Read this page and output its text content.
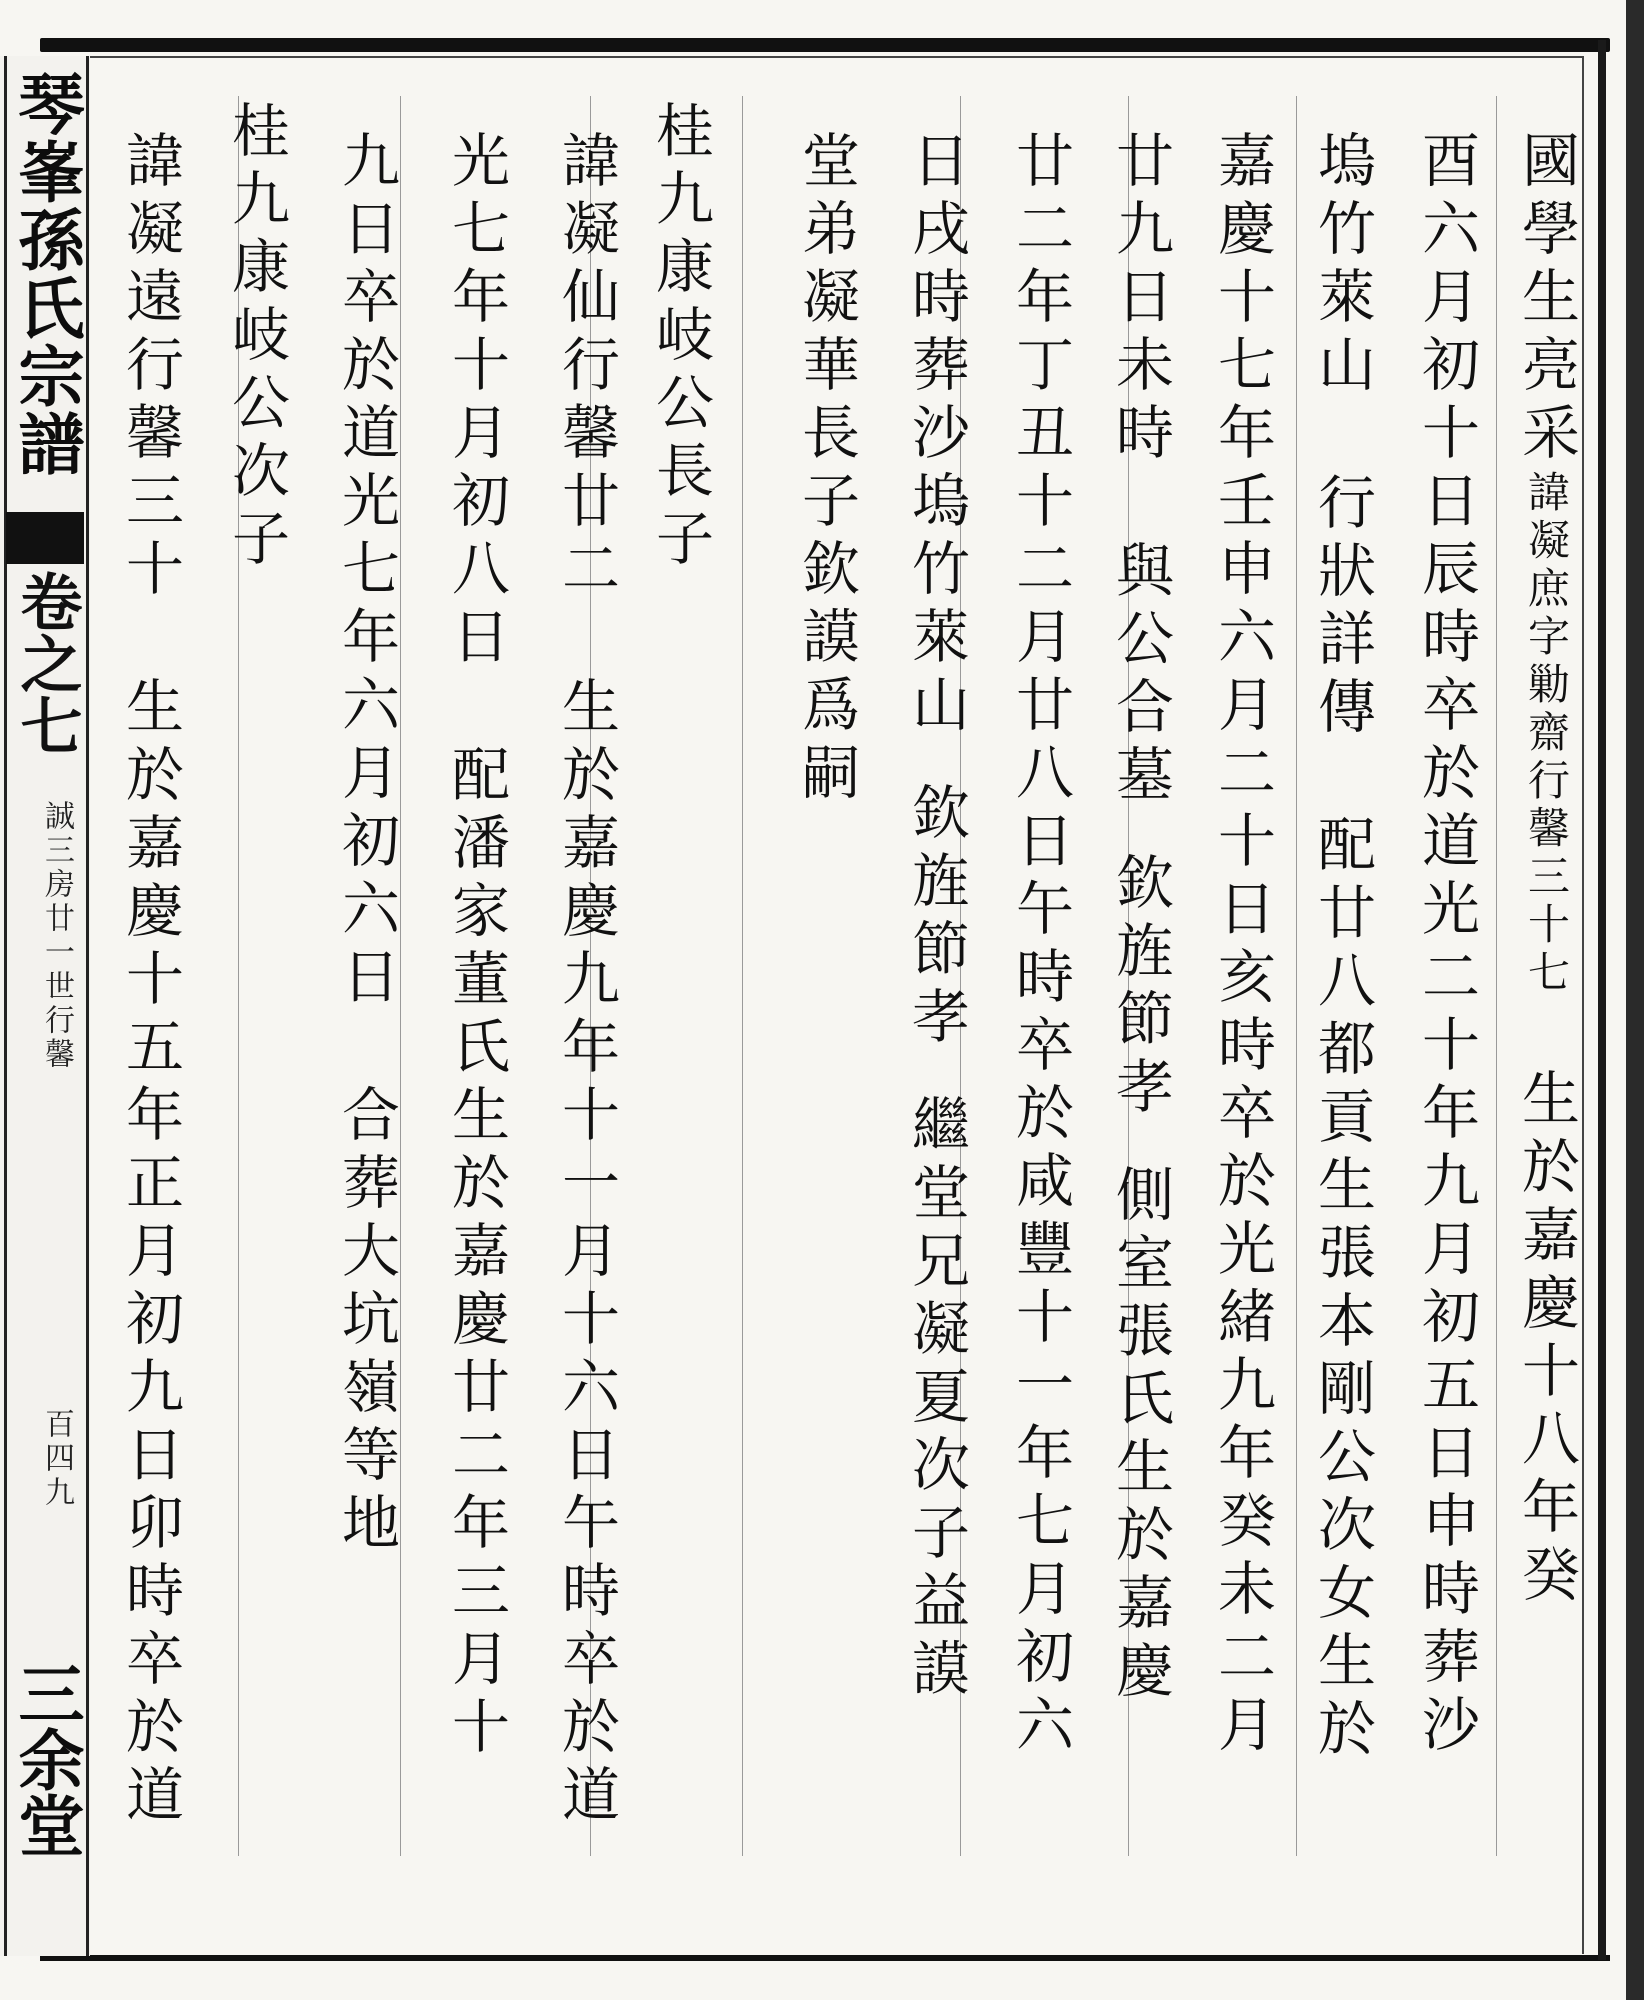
琴峯孫氏宗譜
卷之七
誠三房廿一世行馨
百四九
三余堂
國學生亮采諱凝庶字勦齋行馨三十七生於嘉慶十八年癸
酉六月初十日辰時卒於道光二十年九月初五日申時葬沙
塢竹萊山行狀詳傳配廿八都貢生張本剛公次女生於
嘉慶十七年壬申六月二十日亥時卒於光緒九年癸未二月
廿九日未時與公合墓欽旌節孝側室張氏生於嘉慶
廿二年丁丑十二月廿八日午時卒於咸豐十一年七月初六
日戌時葬沙塢竹萊山欽旌節孝繼堂兄凝夏次子益謨
堂弟凝華長子欽謨爲嗣
桂九康岐公長子
諱凝仙行馨廿二生於嘉慶九年十一月十六日午時卒於道
光七年十月初八日配潘家董氏生於嘉慶廿二年三月十
九日卒於道光七年六月初六日合葬大坑嶺等地
桂九康岐公次子
諱凝遠行馨三十生於嘉慶十五年正月初九日卯時卒於道
